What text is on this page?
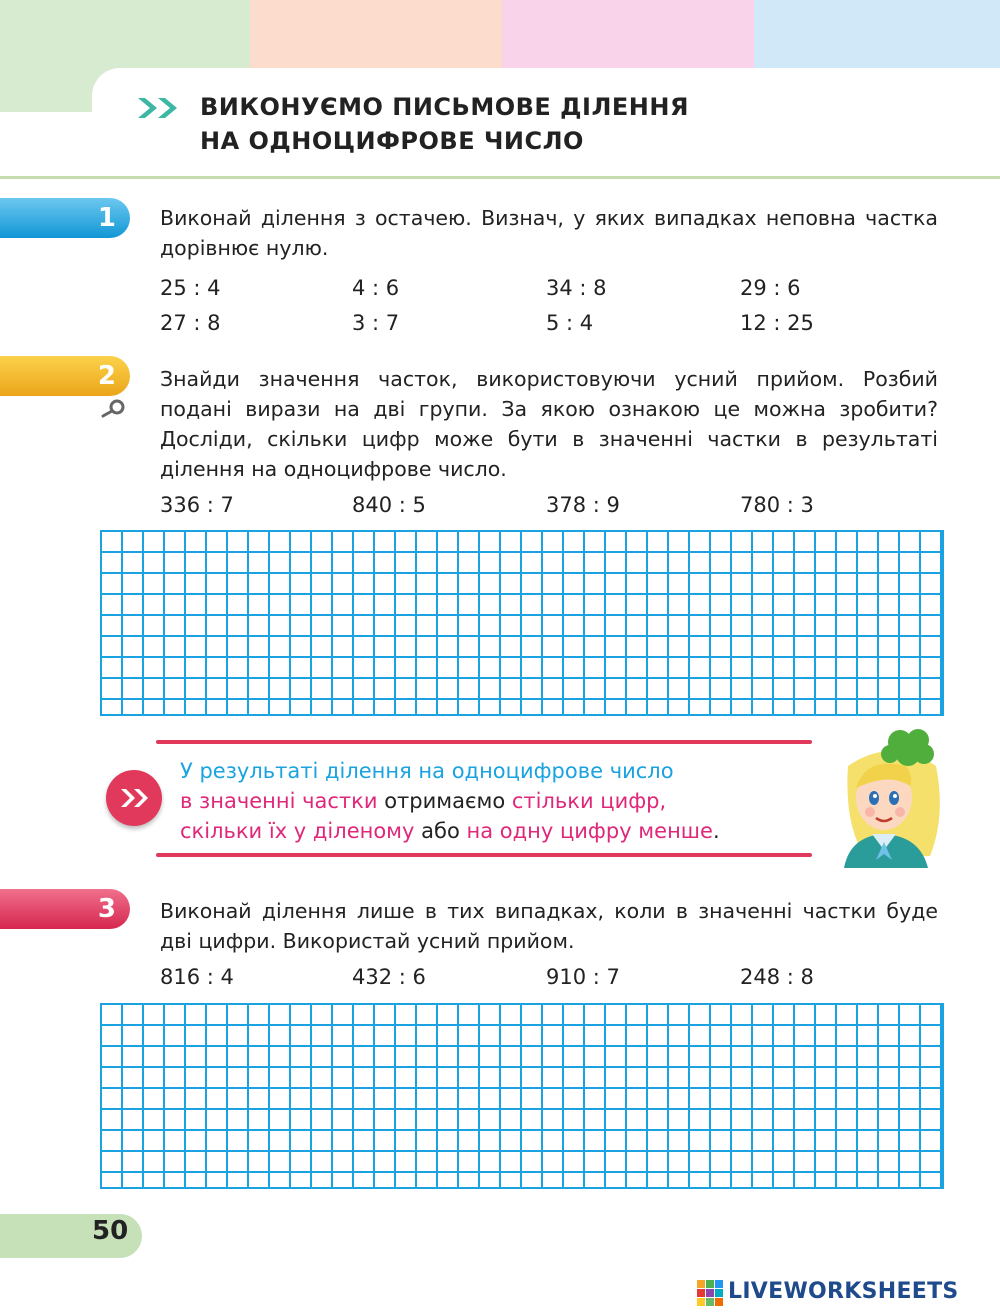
ВИКОНУЄМО ПИСЬМОВЕ ДІЛЕННЯ
НА ОДНОЦИФРОВЕ ЧИСЛО
1	Виконай ділення з остачею. Визнач, у яких випадках неповна частка дорівнює нулю.
25 : 4	4 : 6	34 : 8	29 : 6
27 : 8	3 : 7	5 : 4	12 : 25
2	Знайди значення часток, використовуючи усний прийом. Розбий подані вирази на дві групи. За якою ознакою це можна зробити? Досліди, скільки цифр може бути в значенні частки в результаті ділення на одноцифрове число.
336 : 7	840 : 5	378 : 9	780 : 3
У результаті ділення на одноцифрове число
в значенні частки отримаємо стільки цифр,
скільки їх у діленому або на одну цифру менше.
3	Виконай ділення лише в тих випадках, коли в значенні частки буде дві цифри. Використай усний прийом.
816 : 4	432 : 6	910 : 7	248 : 8
50
LIVEWORKSHEETS
